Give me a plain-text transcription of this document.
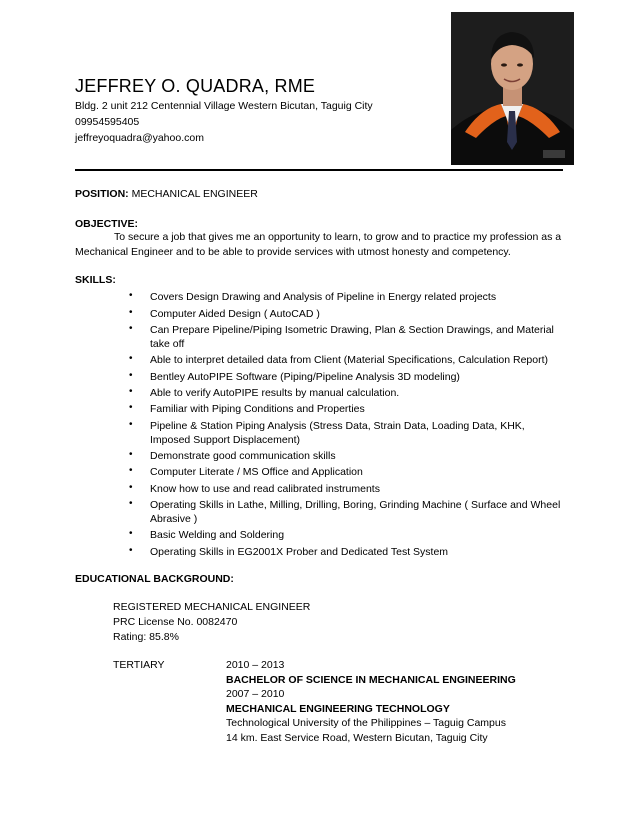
JEFFREY O. QUADRA, RME
Bldg. 2 unit 212 Centennial Village Western Bicutan, Taguig City
09954595405
jeffreyoquadra@yahoo.com
POSITION: MECHANICAL ENGINEER
OBJECTIVE:
To secure a job that gives me an opportunity to learn, to grow and to practice my profession as a
Mechanical Engineer and to be able to provide services with utmost honesty and competency.
SKILLS:
• Covers Design Drawing and Analysis of Pipeline in Energy related projects
• Computer Aided Design ( AutoCAD )
• Can Prepare Pipeline/Piping Isometric Drawing, Plan & Section Drawings, and Material take off
• Able to interpret detailed data from Client (Material Specifications, Calculation Report)
• Bentley AutoPIPE Software (Piping/Pipeline Analysis 3D modeling)
• Able to verify AutoPIPE results by manual calculation.
• Familiar with Piping Conditions and Properties
• Pipeline & Station Piping Analysis (Stress Data, Strain Data, Loading Data, KHK, Imposed Support Displacement)
• Demonstrate good communication skills
• Computer Literate / MS Office and Application
• Know how to use and read calibrated instruments
• Operating Skills in Lathe, Milling, Drilling, Boring, Grinding Machine ( Surface and Wheel Abrasive )
• Basic Welding and Soldering
• Operating Skills in EG2001X Prober and Dedicated Test System
EDUCATIONAL BACKGROUND:
REGISTERED MECHANICAL ENGINEER
PRC License No. 0082470
Rating: 85.8%
TERTIARY	2010 – 2013
BACHELOR OF SCIENCE IN MECHANICAL ENGINEERING
2007 – 2010
MECHANICAL ENGINEERING TECHNOLOGY
Technological University of the Philippines – Taguig Campus
14 km. East Service Road, Western Bicutan, Taguig City
